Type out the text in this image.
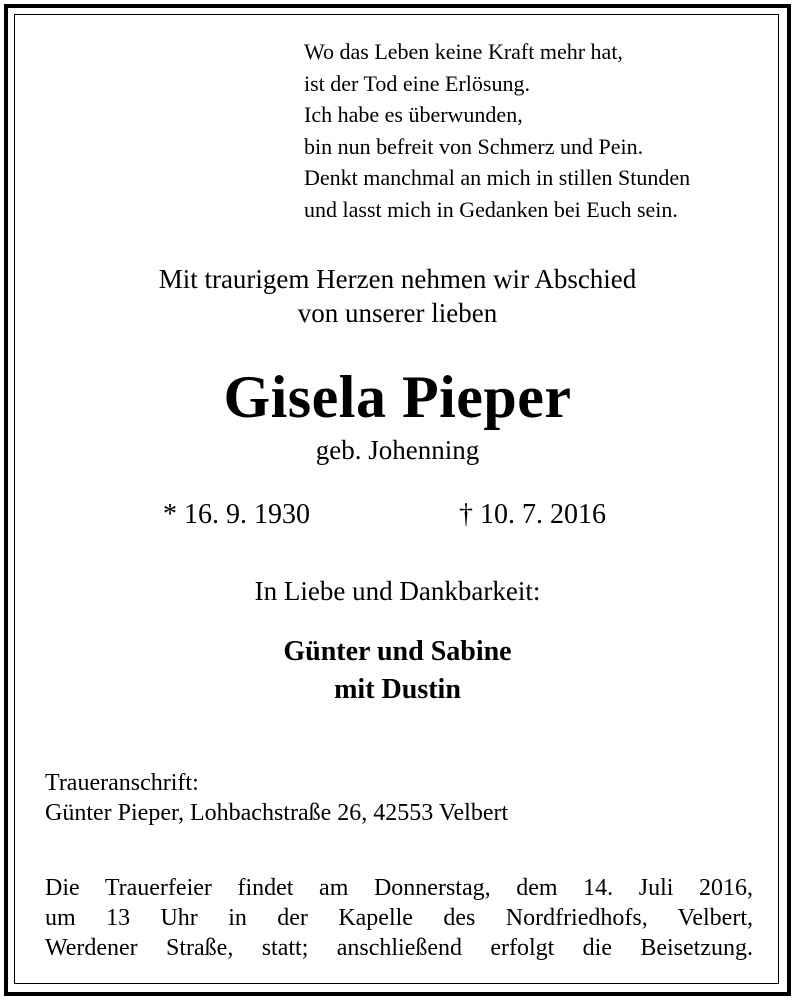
Wo das Leben keine Kraft mehr hat,
ist der Tod eine Erlösung.
Ich habe es überwunden,
bin nun befreit von Schmerz und Pein.
Denkt manchmal an mich in stillen Stunden
und lasst mich in Gedanken bei Euch sein.
Mit traurigem Herzen nehmen wir Abschied
von unserer lieben
Gisela Pieper
geb. Johenning
* 16. 9. 1930	† 10. 7. 2016
In Liebe und Dankbarkeit:
Günter und Sabine
mit Dustin
Traueranschrift:
Günter Pieper, Lohbachstraße 26, 42553 Velbert
Die Trauerfeier findet am Donnerstag, dem 14. Juli 2016,
um 13 Uhr in der Kapelle des Nordfriedhofs, Velbert,
Werdener Straße, statt; anschließend erfolgt die Beisetzung.
